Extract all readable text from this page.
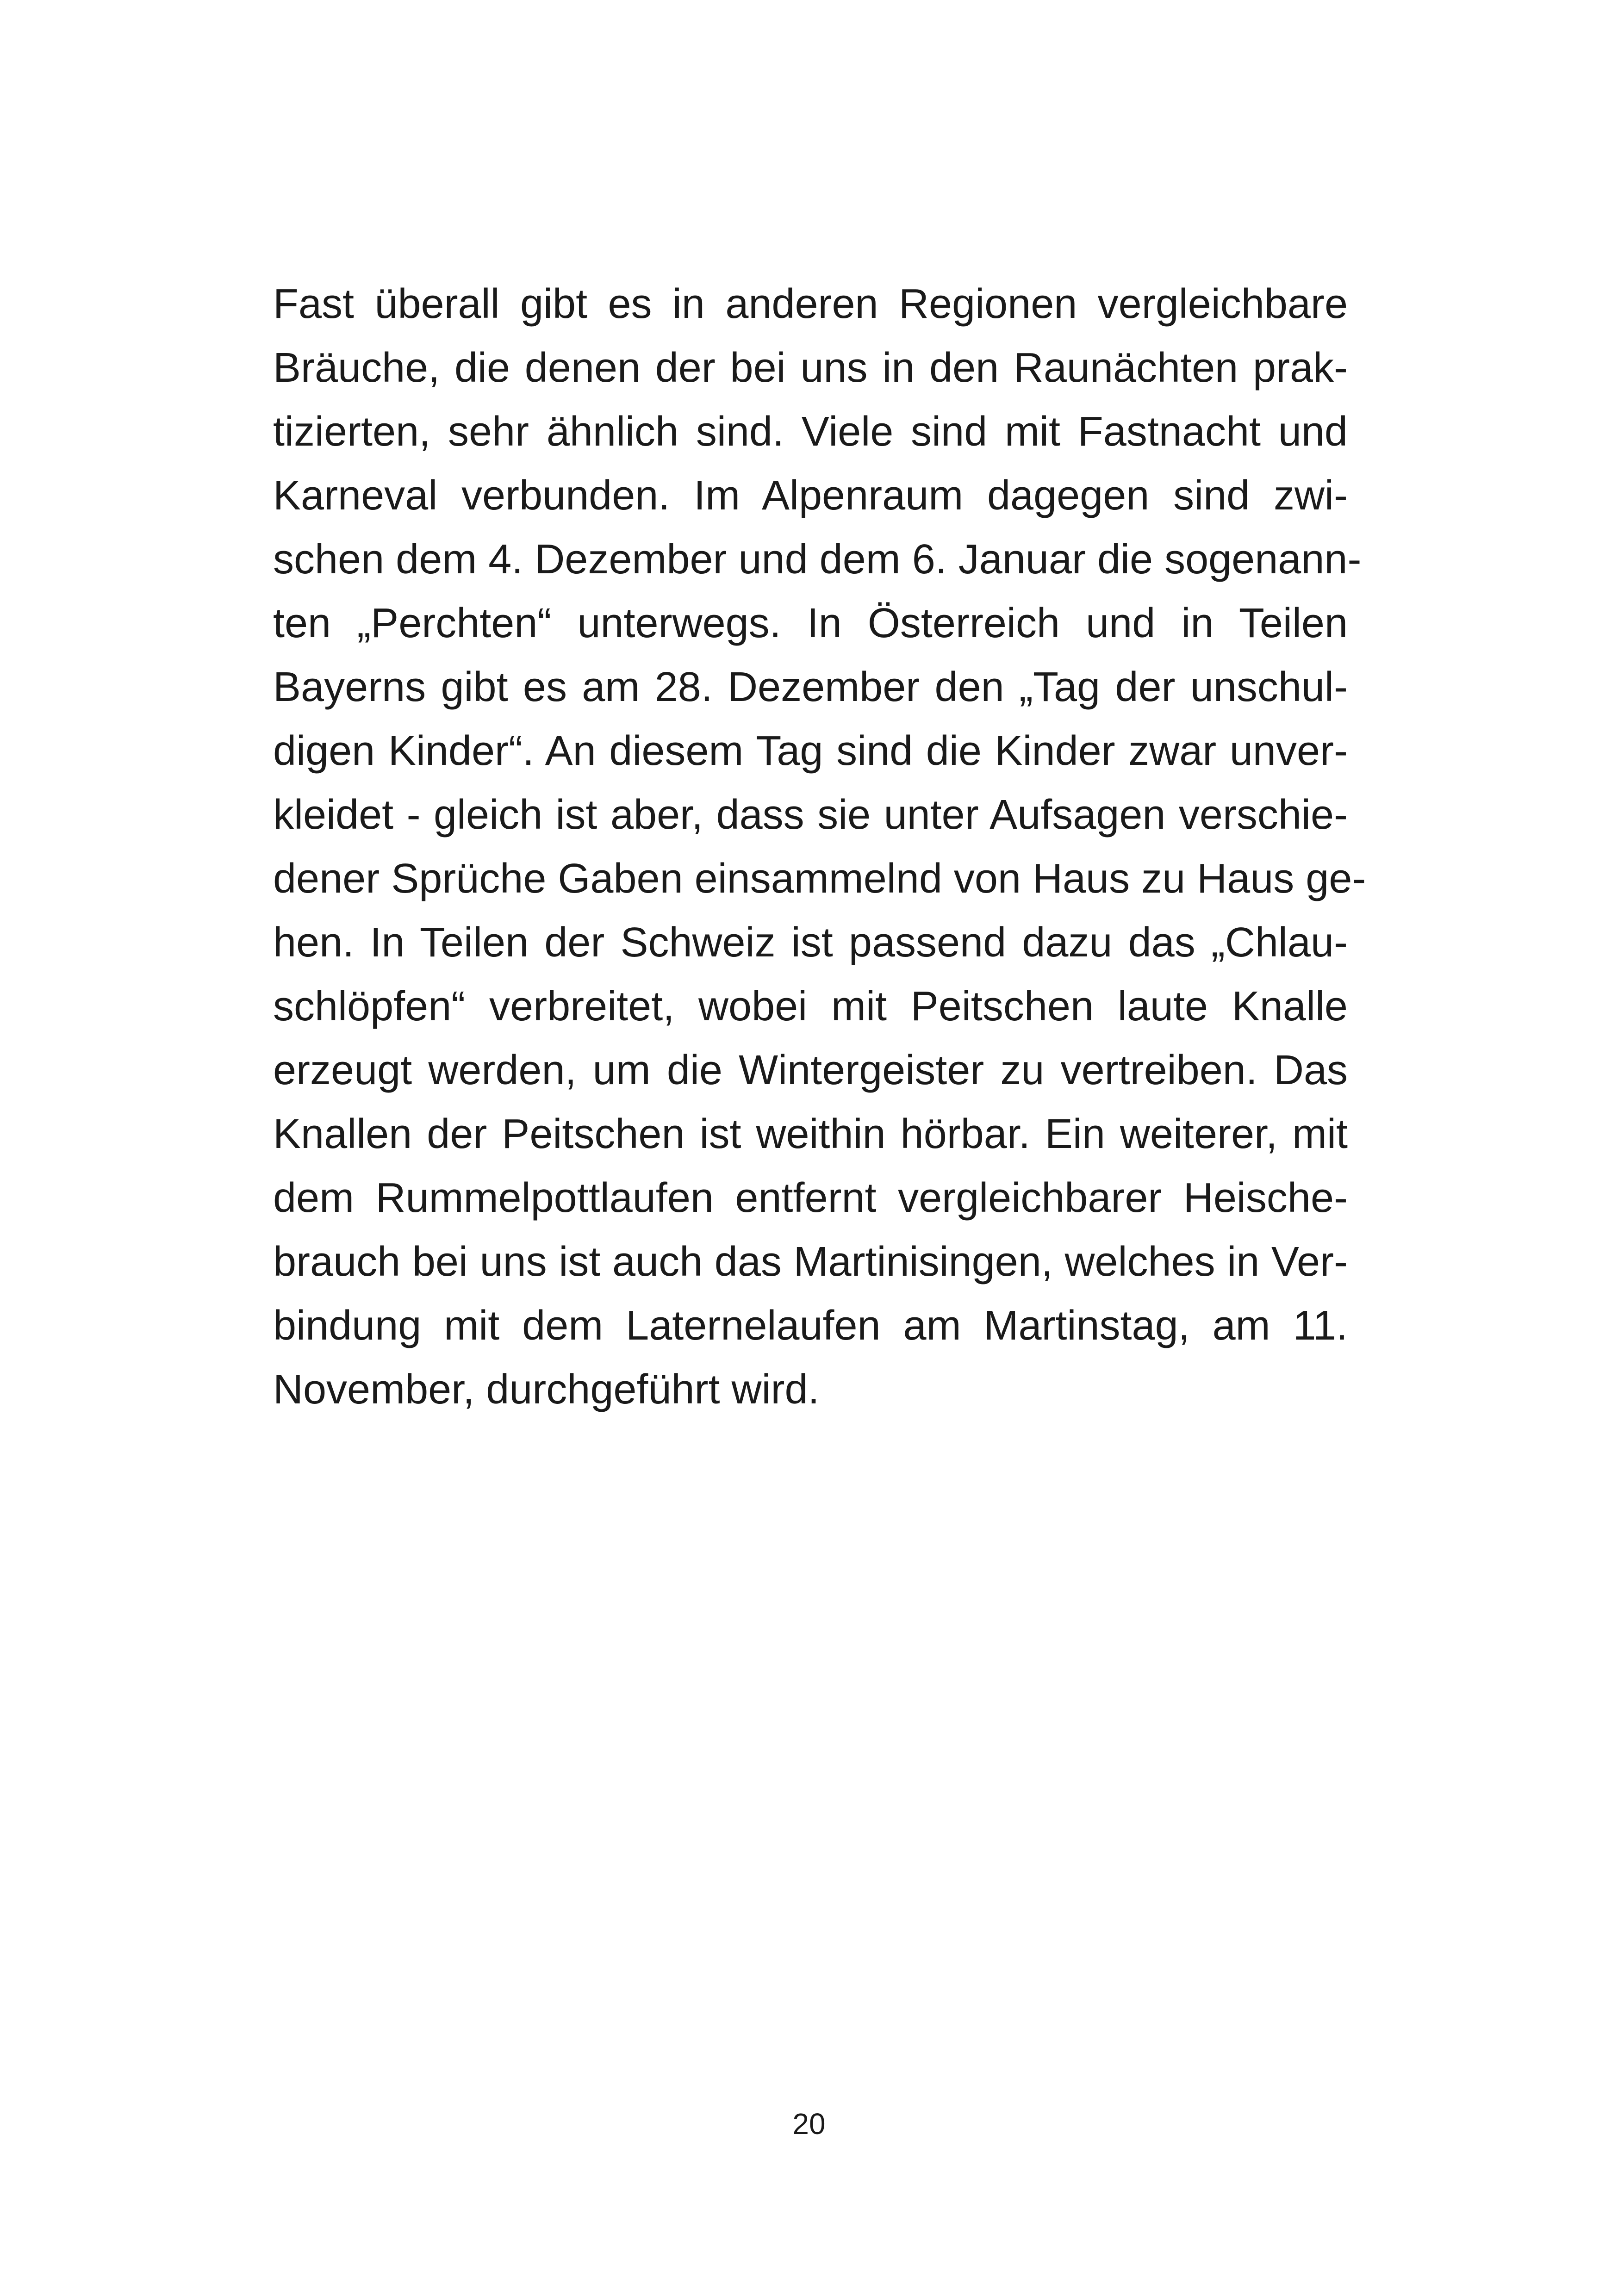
Fast überall gibt es in anderen Regionen vergleichbare
Bräuche, die denen der bei uns in den Raunächten prak-
tizierten, sehr ähnlich sind. Viele sind mit Fastnacht und
Karneval verbunden. Im Alpenraum dagegen sind zwi-
schen dem 4. Dezember und dem 6. Januar die sogenann-
ten „Perchten“ unterwegs. In Österreich und in Teilen
Bayerns gibt es am 28. Dezember den „Tag der unschul-
digen Kinder“. An diesem Tag sind die Kinder zwar unver-
kleidet - gleich ist aber, dass sie unter Aufsagen verschie-
dener Sprüche Gaben einsammelnd von Haus zu Haus ge-
hen. In Teilen der Schweiz ist passend dazu das „Chlau-
schlöpfen“ verbreitet, wobei mit Peitschen laute Knalle
erzeugt werden, um die Wintergeister zu vertreiben. Das
Knallen der Peitschen ist weithin hörbar. Ein weiterer, mit
dem Rummelpottlaufen entfernt vergleichbarer Heische-
brauch bei uns ist auch das Martinisingen, welches in Ver-
bindung mit dem Laternelaufen am Martinstag, am 11.
November, durchgeführt wird.
20
